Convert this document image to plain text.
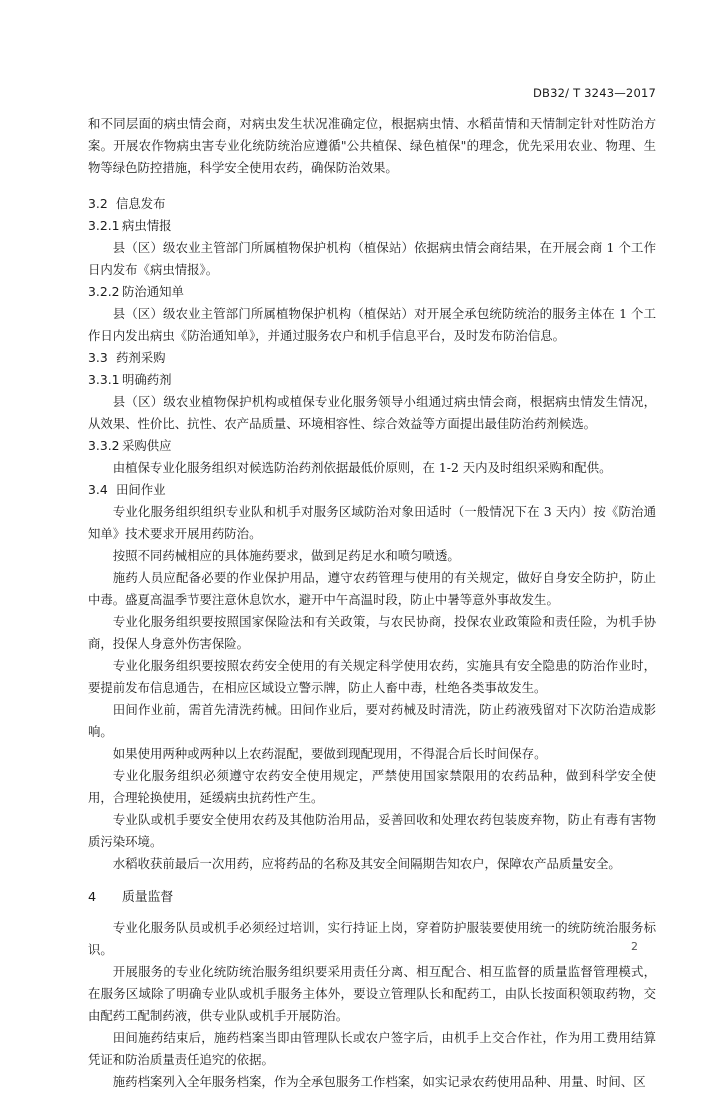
DB32/ T 3243—2017

和不同层面的病虫情会商，对病虫发生状况准确定位，根据病虫情、水稻苗情和天情制定针对性防治方案。开展农作物病虫害专业化统防统治应遵循"公共植保、绿色植保"的理念，优先采用农业、物理、生物等绿色防控措施，科学安全使用农药，确保防治效果。

3.2 信息发布

3.2.1 病虫情报

县（区）级农业主管部门所属植物保护机构（植保站）依据病虫情会商结果，在开展会商 1 个工作日内发布《病虫情报》。

3.2.2 防治通知单

县（区）级农业主管部门所属植物保护机构（植保站）对开展全承包统防统治的服务主体在 1 个工作日内发出病虫《防治通知单》，并通过服务农户和机手信息平台，及时发布防治信息。

3.3 药剂采购

3.3.1 明确药剂

县（区）级农业植物保护机构或植保专业化服务领导小组通过病虫情会商，根据病虫情发生情况，从效果、性价比、抗性、农产品质量、环境相容性、综合效益等方面提出最佳防治药剂候选。

3.3.2 采购供应

由植保专业化服务组织对候选防治药剂依据最低价原则，在 1-2 天内及时组织采购和配供。

3.4 田间作业

专业化服务组织组织专业队和机手对服务区域防治对象田适时（一般情况下在 3 天内）按《防治通知单》技术要求开展用药防治。

按照不同药械相应的具体施药要求，做到足药足水和喷匀喷透。

施药人员应配备必要的作业保护用品，遵守农药管理与使用的有关规定，做好自身安全防护，防止中毒。盛夏高温季节要注意休息饮水，避开中午高温时段，防止中暑等意外事故发生。

专业化服务组织要按照国家保险法和有关政策，与农民协商，投保农业政策险和责任险，为机手协商，投保人身意外伤害保险。

专业化服务组织要按照农药安全使用的有关规定科学使用农药，实施具有安全隐患的防治作业时，要提前发布信息通告，在相应区域设立警示牌，防止人畜中毒，杜绝各类事故发生。

田间作业前，需首先清洗药械。田间作业后，要对药械及时清洗，防止药液残留对下次防治造成影响。

如果使用两种或两种以上农药混配，要做到现配现用，不得混合后长时间保存。

专业化服务组织必须遵守农药安全使用规定，严禁使用国家禁限用的农药品种，做到科学安全使用，合理轮换使用，延缓病虫抗药性产生。

专业队或机手要安全使用农药及其他防治用品，妥善回收和处理农药包装废弃物，防止有毒有害物质污染环境。

水稻收获前最后一次用药，应将药品的名称及其安全间隔期告知农户，保障农产品质量安全。

4 质量监督

专业化服务队员或机手必须经过培训，实行持证上岗，穿着防护服装要使用统一的统防统治服务标识。

开展服务的专业化统防统治服务组织要采用责任分离、相互配合、相互监督的质量监督管理模式，在服务区域除了明确专业队或机手服务主体外，要设立管理队长和配药工，由队长按面积领取药物，交由配药工配制药液，供专业队或机手开展防治。

田间施药结束后，施药档案当即由管理队长或农户签字后，由机手上交合作社，作为用工费用结算凭证和防治质量责任追究的依据。

施药档案列入全年服务档案，作为全承包服务工作档案，如实记录农药使用品种、用量、时间、区

2
